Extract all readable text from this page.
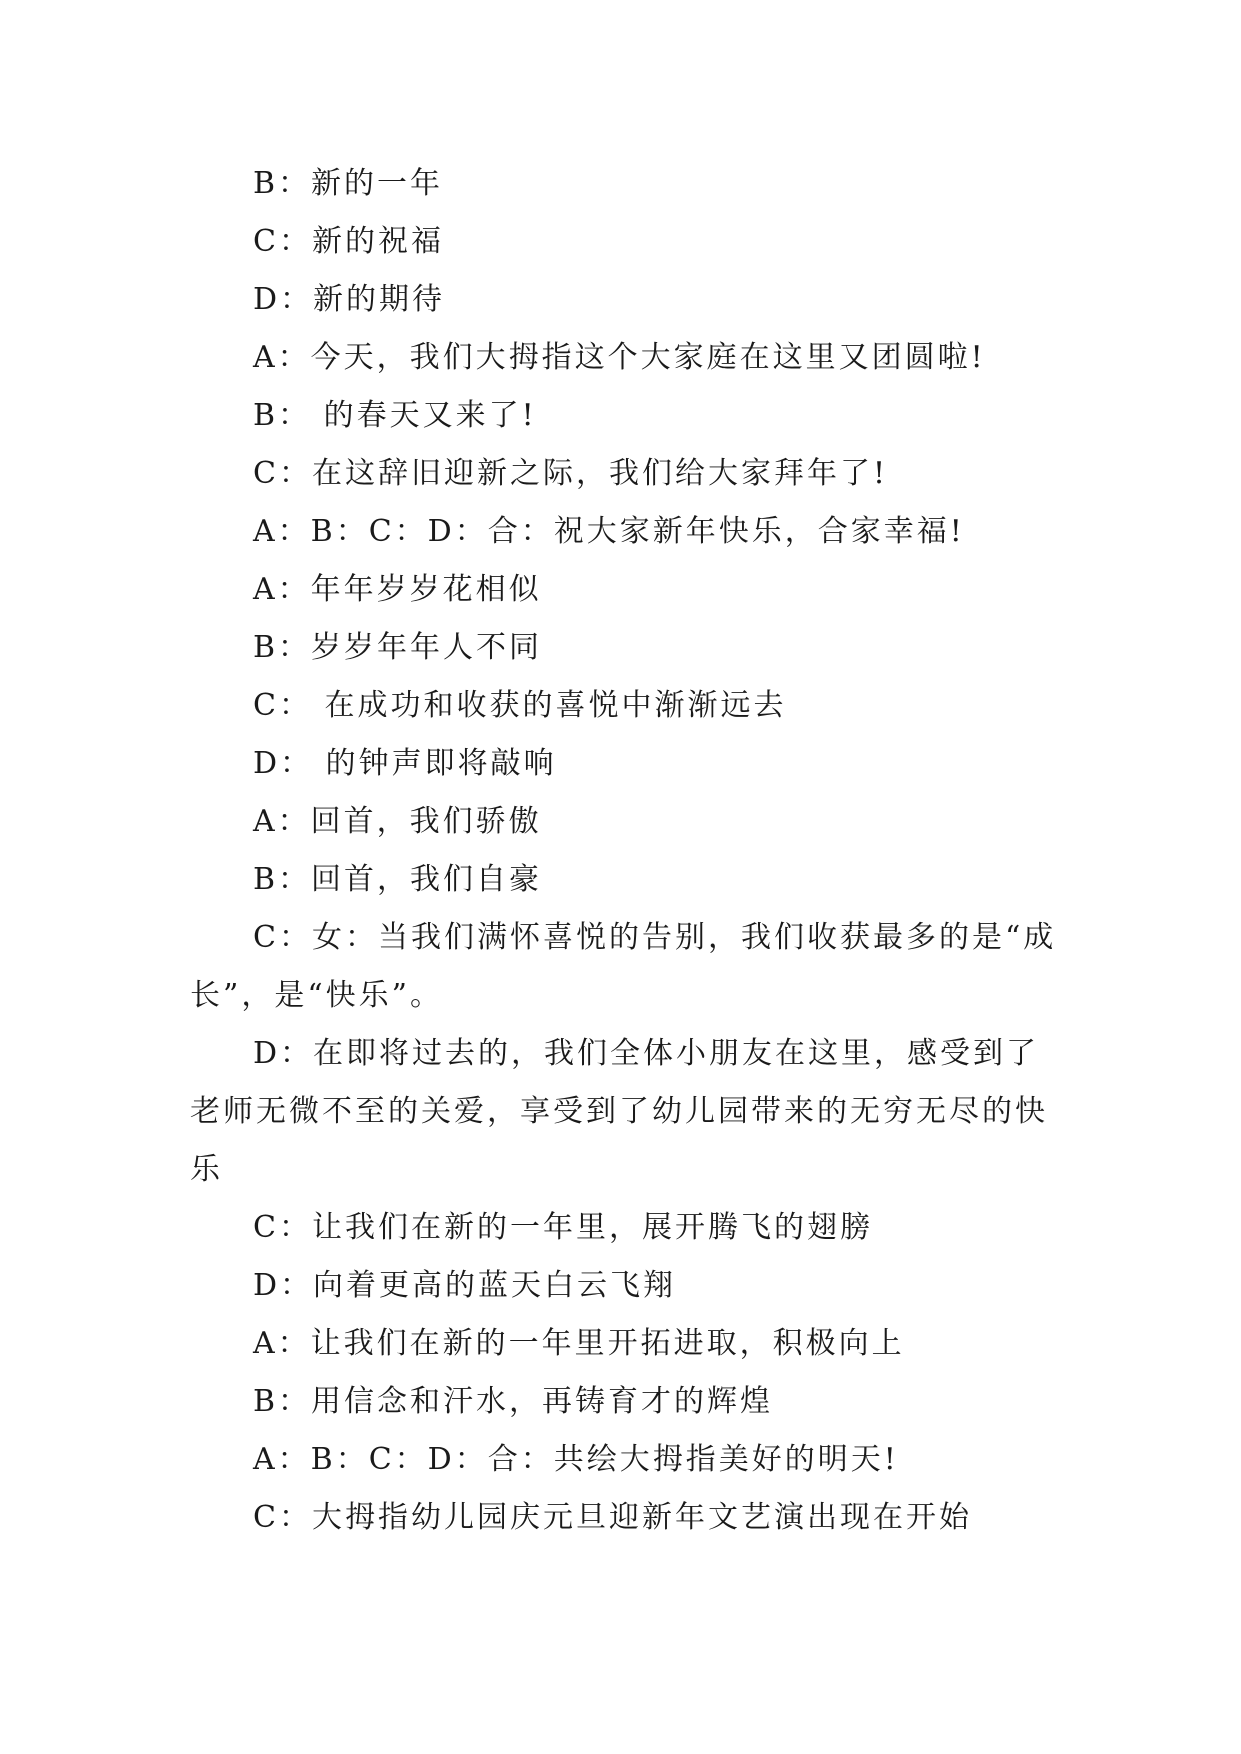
B：新的一年

C：新的祝福

D：新的期待

A：今天，我们大拇指这个大家庭在这里又团圆啦!

B： 的春天又来了!

C：在这辞旧迎新之际，我们给大家拜年了!

A：B：C：D：合：祝大家新年快乐，合家幸福!

A：年年岁岁花相似

B：岁岁年年人不同

C： 在成功和收获的喜悦中渐渐远去

D： 的钟声即将敲响

A：回首，我们骄傲

B：回首，我们自豪

C：女：当我们满怀喜悦的告别，我们收获最多的是“成长”，是“快乐”。

D：在即将过去的，我们全体小朋友在这里，感受到了老师无微不至的关爱，享受到了幼儿园带来的无穷无尽的快乐

C：让我们在新的一年里，展开腾飞的翅膀

D：向着更高的蓝天白云飞翔

A：让我们在新的一年里开拓进取，积极向上

B：用信念和汗水，再铸育才的辉煌

A：B：C：D：合：共绘大拇指美好的明天!

C：大拇指幼儿园庆元旦迎新年文艺演出现在开始
